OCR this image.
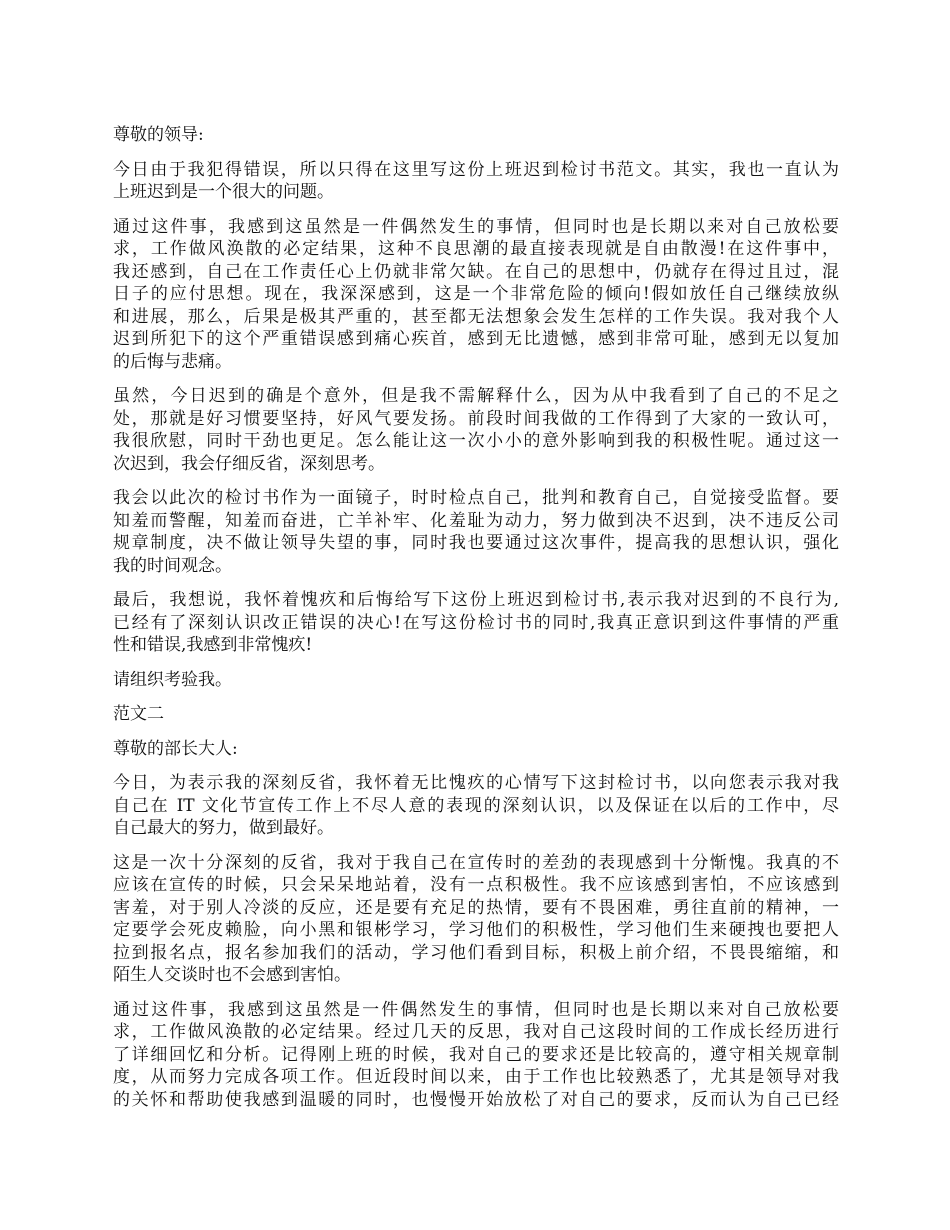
尊敬的领导:
今日由于我犯得错误，所以只得在这里写这份上班迟到检讨书范文。其实，我也一直认为
上班迟到是一个很大的问题。
通过这件事，我感到这虽然是一件偶然发生的事情，但同时也是长期以来对自己放松要
求，工作做风涣散的必定结果，这种不良思潮的最直接表现就是自由散漫!在这件事中，
我还感到，自己在工作责任心上仍就非常欠缺。在自己的思想中，仍就存在得过且过，混
日子的应付思想。现在，我深深感到，这是一个非常危险的倾向!假如放任自己继续放纵
和进展，那么，后果是极其严重的，甚至都无法想象会发生怎样的工作失误。我对我个人
迟到所犯下的这个严重错误感到痛心疾首，感到无比遗憾，感到非常可耻，感到无以复加
的后悔与悲痛。
虽然，今日迟到的确是个意外，但是我不需解释什么，因为从中我看到了自己的不足之
处，那就是好习惯要坚持，好风气要发扬。前段时间我做的工作得到了大家的一致认可，
我很欣慰，同时干劲也更足。怎么能让这一次小小的意外影响到我的积极性呢。通过这一
次迟到，我会仔细反省，深刻思考。
我会以此次的检讨书作为一面镜子，时时检点自己，批判和教育自己，自觉接受监督。要
知羞而警醒，知羞而奋进，亡羊补牢、化羞耻为动力，努力做到决不迟到，决不违反公司
规章制度，决不做让领导失望的事，同时我也要通过这次事件，提高我的思想认识，强化
我的时间观念。
最后，我想说，我怀着愧疚和后悔给写下这份上班迟到检讨书,表示我对迟到的不良行为,
已经有了深刻认识改正错误的决心!在写这份检讨书的同时,我真正意识到这件事情的严重
性和错误,我感到非常愧疚!
请组织考验我。
范文二
尊敬的部长大人:
今日，为表示我的深刻反省，我怀着无比愧疚的心情写下这封检讨书，以向您表示我对我
自己在 IT 文化节宣传工作上不尽人意的表现的深刻认识，以及保证在以后的工作中，尽
自己最大的努力，做到最好。
这是一次十分深刻的反省，我对于我自己在宣传时的差劲的表现感到十分惭愧。我真的不
应该在宣传的时候，只会呆呆地站着，没有一点积极性。我不应该感到害怕，不应该感到
害羞，对于别人冷淡的反应，还是要有充足的热情，要有不畏困难，勇往直前的精神，一
定要学会死皮赖脸，向小黑和银彬学习，学习他们的积极性，学习他们生来硬拽也要把人
拉到报名点，报名参加我们的活动，学习他们看到目标，积极上前介绍，不畏畏缩缩，和
陌生人交谈时也不会感到害怕。
通过这件事，我感到这虽然是一件偶然发生的事情，但同时也是长期以来对自己放松要
求，工作做风涣散的必定结果。经过几天的反思，我对自己这段时间的工作成长经历进行
了详细回忆和分析。记得刚上班的时候，我对自己的要求还是比较高的，遵守相关规章制
度，从而努力完成各项工作。但近段时间以来，由于工作也比较熟悉了，尤其是领导对我
的关怀和帮助使我感到温暖的同时，也慢慢开始放松了对自己的要求，反而认为自己已经
